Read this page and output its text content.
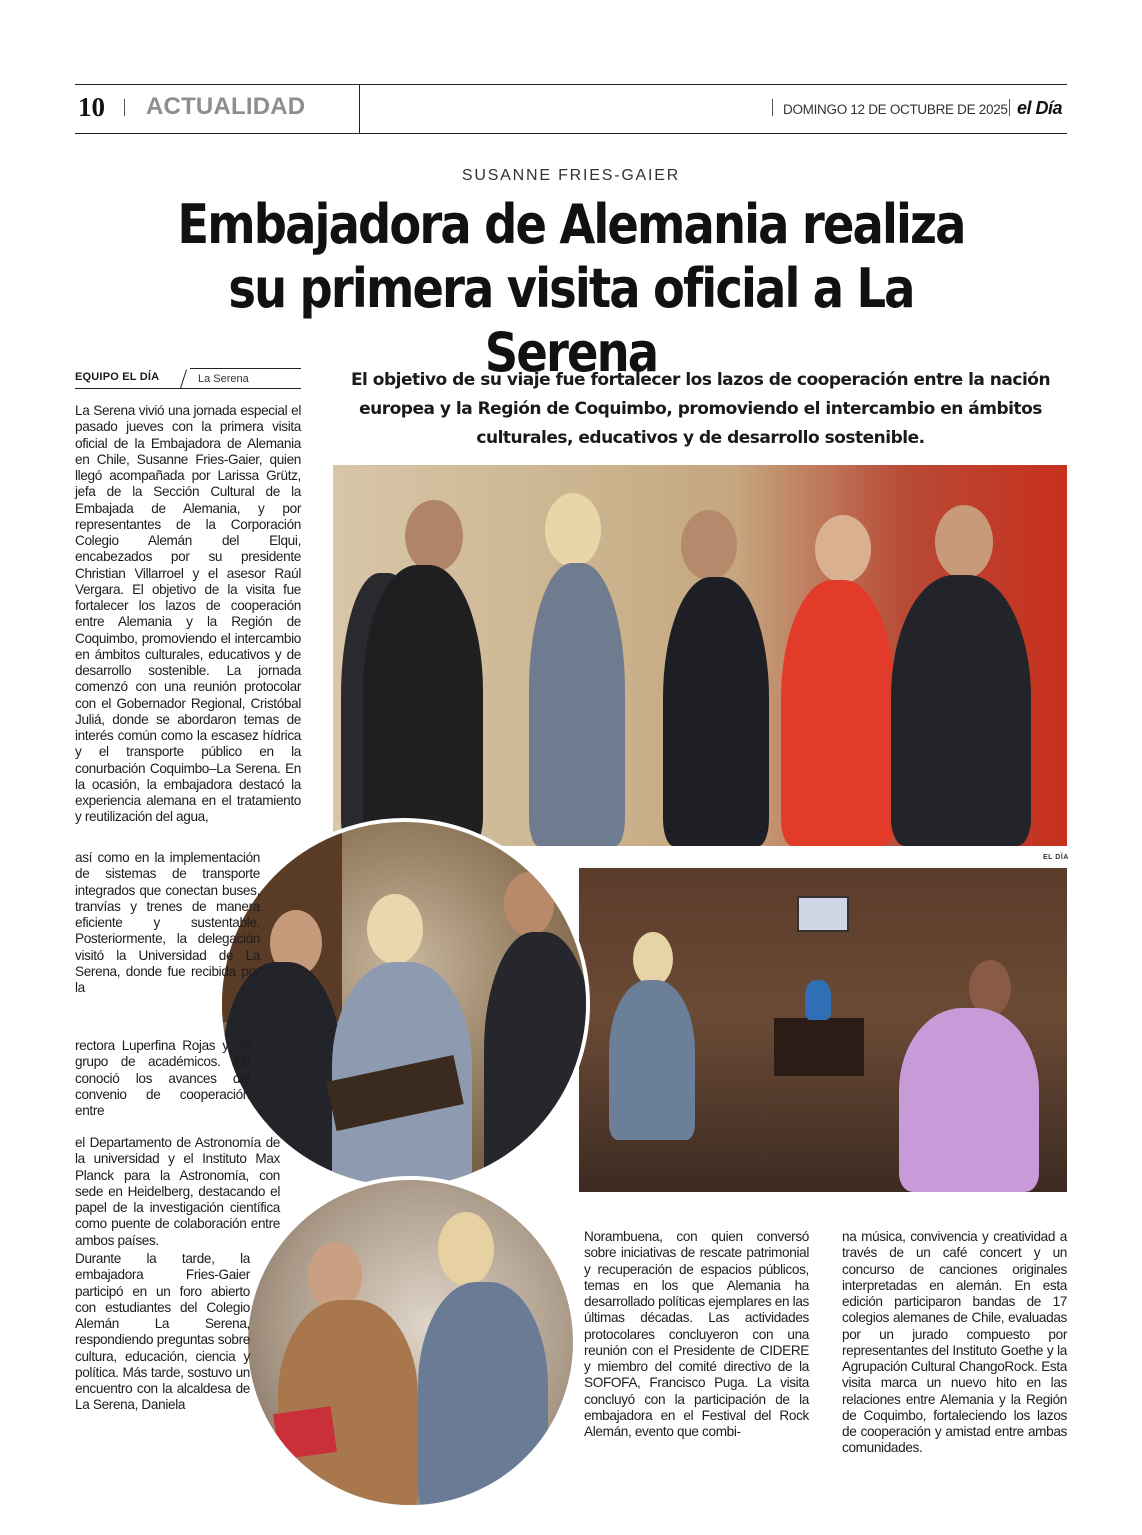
10 ACTUALIDAD	DOMINGO 12 DE OCTUBRE DE 2025 el Día
SUSANNE FRIES-GAIER
Embajadora de Alemania realiza su primera visita oficial a La Serena
EQUIPO EL DÍA	La Serena	El objetivo de su viaje fue fortalecer los lazos de cooperación entre la nación europea y la Región de Coquimbo, promoviendo el intercambio en ámbitos culturales, educativos y de desarrollo sostenible.
EL DÍA
La Serena vivió una jornada especial el pasado jueves con la primera visita oficial de la Embajadora de Alemania en Chile, Susanne Fries-Gaier, quien llegó acompañada por Larissa Grütz, jefa de la Sección Cultural de la Embajada de Alemania, y por representantes de la Corporación Colegio Alemán del Elqui, encabezados por su presidente Christian Villarroel y el asesor Raúl Vergara. El objetivo de la visita fue fortalecer los lazos de cooperación entre Alemania y la Región de Coquimbo, promoviendo el intercambio en ámbitos culturales, educativos y de desarrollo sostenible. La jornada comenzó con una reunión protocolar con el Gobernador Regional, Cristóbal Juliá, donde se abordaron temas de interés común como la escasez hídrica y el transporte público en la conurbación Coquimbo–La Serena. En la ocasión, la embajadora destacó la experiencia alemana en el tratamiento y reutilización del agua,
así como en la implementación de sistemas de transporte integrados que conectan buses, tranvías y trenes de manera eficiente y sustentable. Posteriormente, la delegación visitó la Universidad de La Serena, donde fue recibida por la
rectora Luperfina Rojas y un grupo de académicos. Allí conoció los avances del convenio de cooperación entre
el Departamento de Astronomía de la universidad y el Instituto Max Planck para la Astronomía, con sede en Heidelberg, destacando el papel de la investigación científica como puente de colaboración entre ambos países.
Durante la tarde, la embajadora Fries-Gaier participó en un foro abierto con estudiantes del Colegio Alemán La Serena, respondiendo preguntas sobre cultura, educación, ciencia y política. Más tarde, sostuvo un encuentro con la alcaldesa de La Serena, Daniela
Norambuena, con quien conversó sobre iniciativas de rescate patrimonial y recuperación de espacios públicos, temas en los que Alemania ha desarrollado políticas ejemplares en las últimas décadas. Las actividades protocolares concluyeron con una reunión con el Presidente de CIDERE y miembro del comité directivo de la SOFOFA, Francisco Puga. La visita concluyó con la participación de la embajadora en el Festival del Rock Alemán, evento que combi-
na música, convivencia y creatividad a través de un café concert y un concurso de canciones originales interpretadas en alemán. En esta edición participaron bandas de 17 colegios alemanes de Chile, evaluadas por un jurado compuesto por representantes del Instituto Goethe y la Agrupación Cultural ChangoRock. Esta visita marca un nuevo hito en las relaciones entre Alemania y la Región de Coquimbo, fortaleciendo los lazos de cooperación y amistad entre ambas comunidades.
